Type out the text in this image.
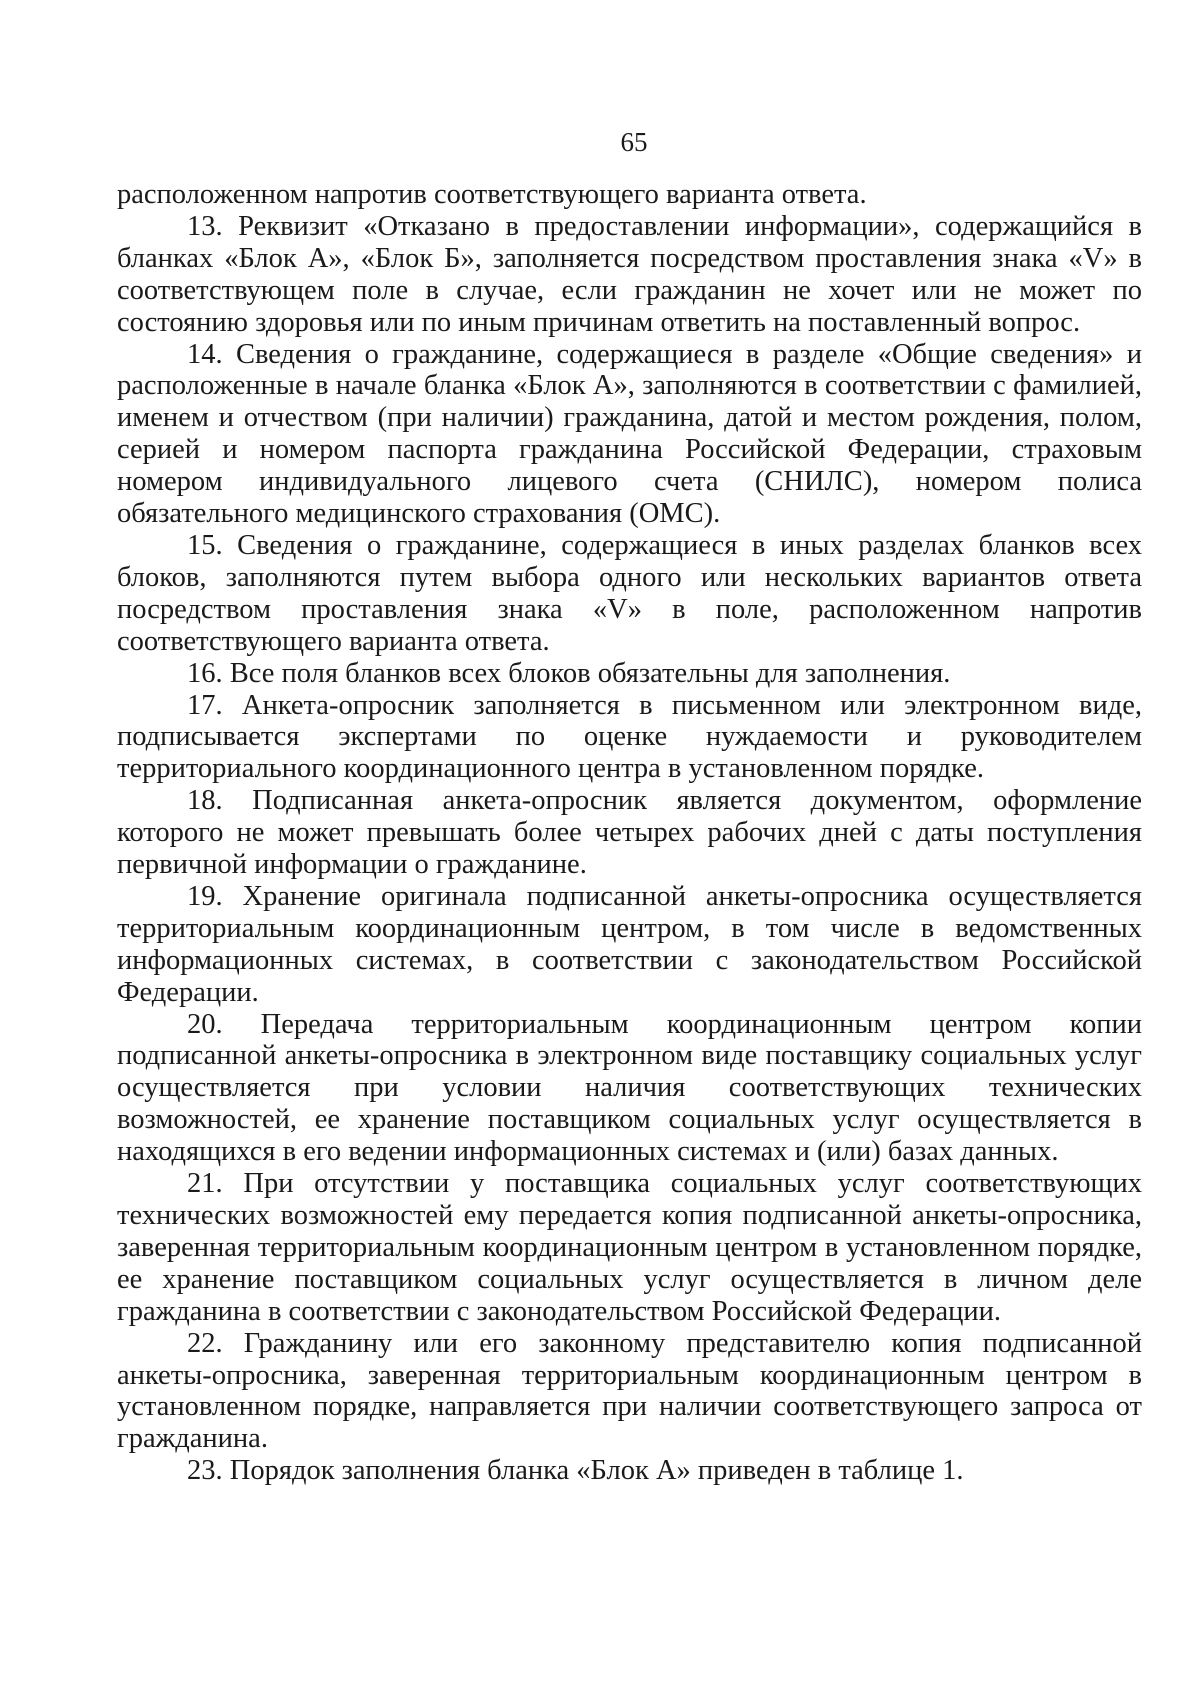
65

расположенном напротив соответствующего варианта ответа.

13. Реквизит «Отказано в предоставлении информации», содержащийся в бланках «Блок А», «Блок Б», заполняется посредством проставления знака «V» в соответствующем поле в случае, если гражданин не хочет или не может по состоянию здоровья или по иным причинам ответить на поставленный вопрос.

14. Сведения о гражданине, содержащиеся в разделе «Общие сведения» и расположенные в начале бланка «Блок А», заполняются в соответствии с фамилией, именем и отчеством (при наличии) гражданина, датой и местом рождения, полом, серией и номером паспорта гражданина Российской Федерации, страховым номером индивидуального лицевого счета (СНИЛС), номером полиса обязательного медицинского страхования (ОМС).

15. Сведения о гражданине, содержащиеся в иных разделах бланков всех блоков, заполняются путем выбора одного или нескольких вариантов ответа посредством проставления знака «V» в поле, расположенном напротив соответствующего варианта ответа.

16. Все поля бланков всех блоков обязательны для заполнения.

17. Анкета-опросник заполняется в письменном или электронном виде, подписывается экспертами по оценке нуждаемости и руководителем территориального координационного центра в установленном порядке.

18. Подписанная анкета-опросник является документом, оформление которого не может превышать более четырех рабочих дней с даты поступления первичной информации о гражданине.

19. Хранение оригинала подписанной анкеты-опросника осуществляется территориальным координационным центром, в том числе в ведомственных информационных системах, в соответствии с законодательством Российской Федерации.

20. Передача территориальным координационным центром копии подписанной анкеты-опросника в электронном виде поставщику социальных услуг осуществляется при условии наличия соответствующих технических возможностей, ее хранение поставщиком социальных услуг осуществляется в находящихся в его ведении информационных системах и (или) базах данных.

21. При отсутствии у поставщика социальных услуг соответствующих технических возможностей ему передается копия подписанной анкеты-опросника, заверенная территориальным координационным центром в установленном порядке, ее хранение поставщиком социальных услуг осуществляется в личном деле гражданина в соответствии с законодательством Российской Федерации.

22. Гражданину или его законному представителю копия подписанной анкеты-опросника, заверенная территориальным координационным центром в установленном порядке, направляется при наличии соответствующего запроса от гражданина.

23. Порядок заполнения бланка «Блок А» приведен в таблице 1.
